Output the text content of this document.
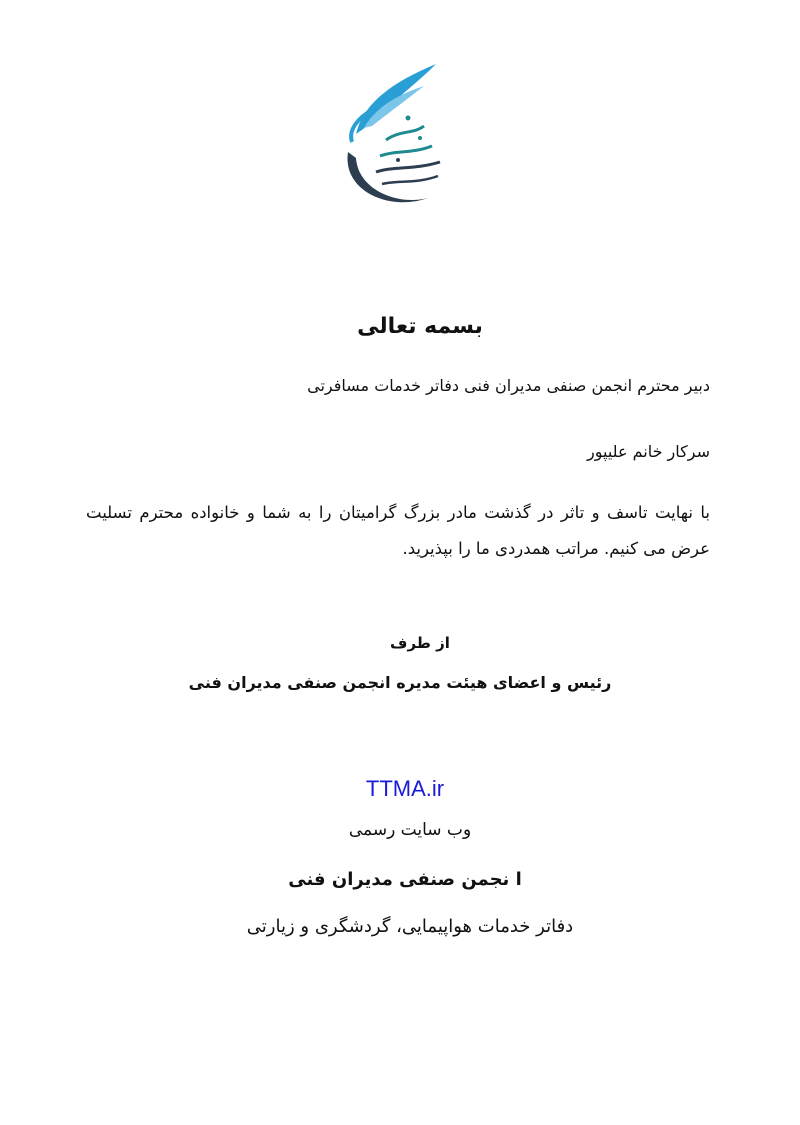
بسمه تعالی
دبیر محترم انجمن صنفی مدیران فنی دفاتر خدمات مسافرتی
سرکار خانم علیپور
با نهایت تاسف و تاثر در گذشت مادر بزرگ گرامیتان را به شما و خانواده محترم تسلیت عرض می کنیم. مراتب همدردی ما را بپذیرید.
از طرف
رئیس و اعضای هیئت مدیره انجمن صنفی مدیران فنی
TTMA.ir
وب سایت رسمی
ا نجمن صنفی مدیران فنی
دفاتر خدمات هواپیمایی، گردشگری و زیارتی
